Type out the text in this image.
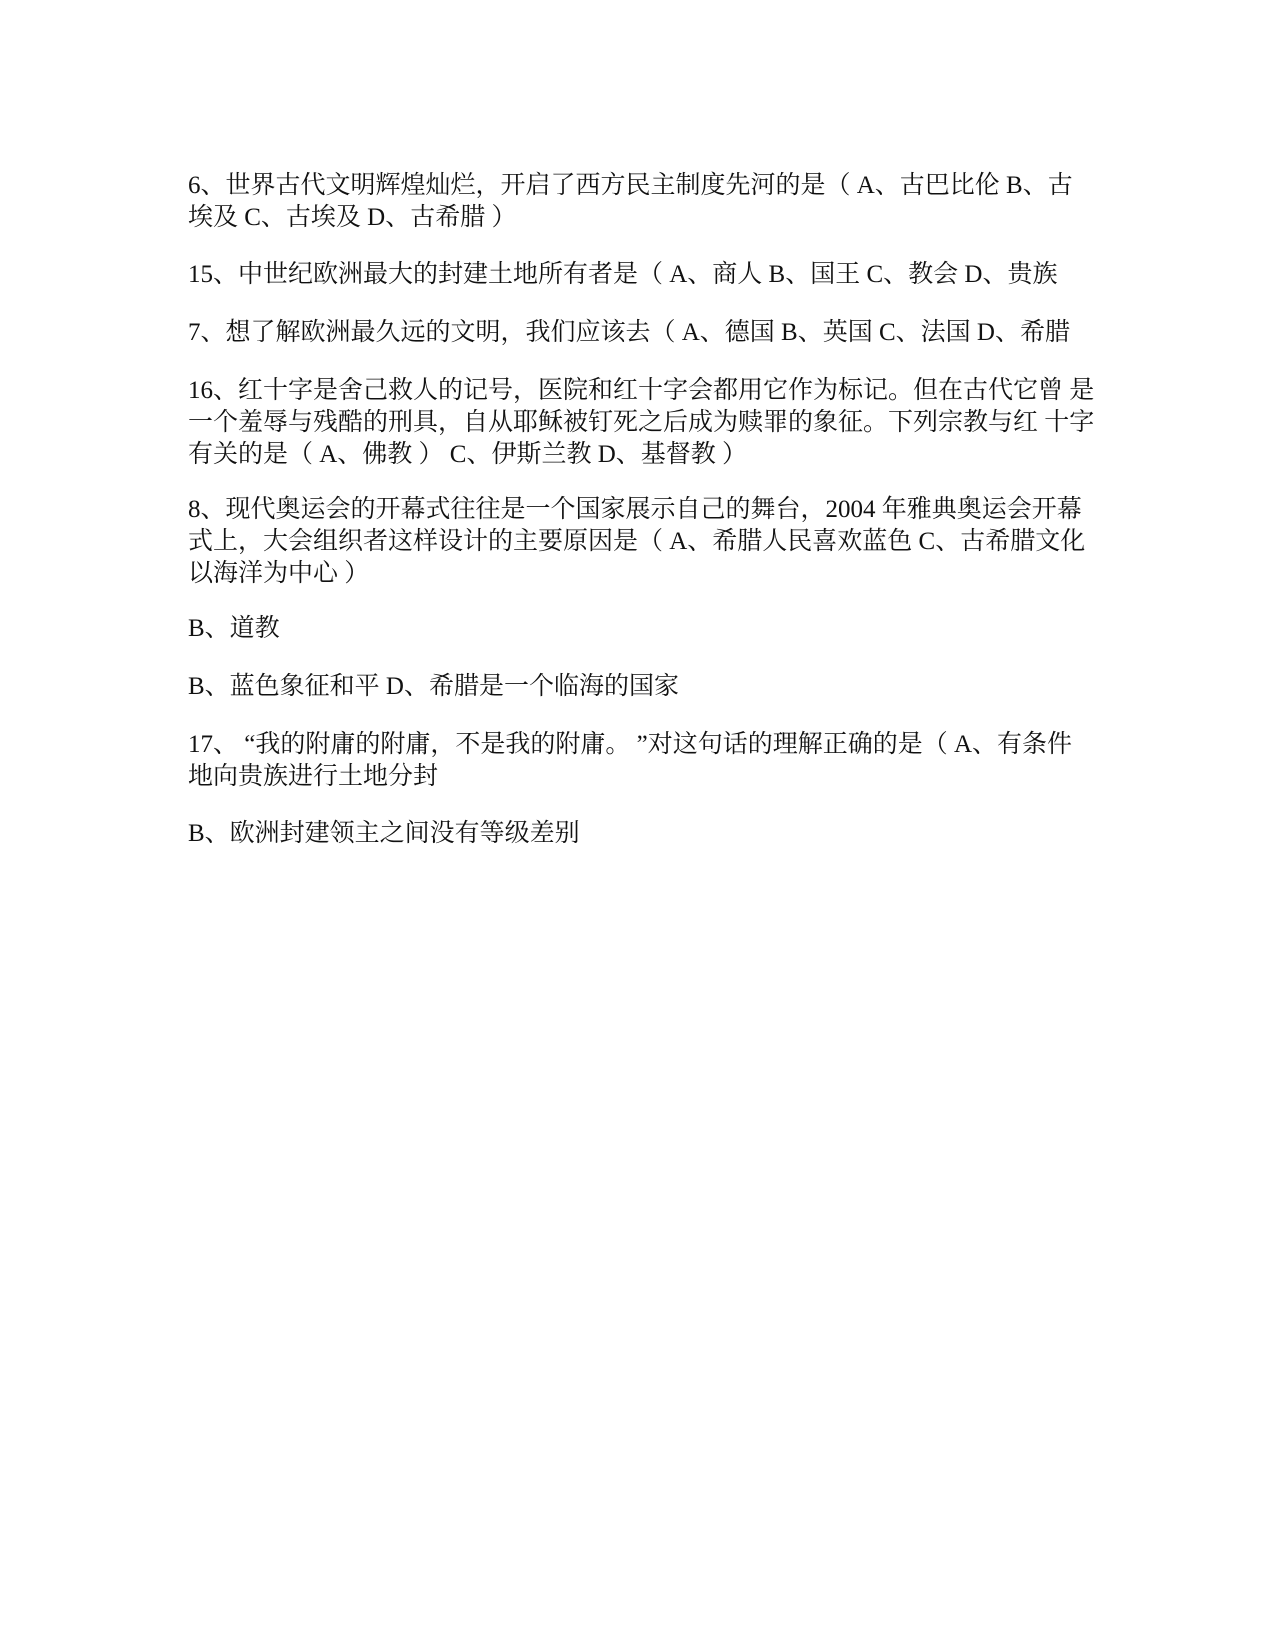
6、世界古代文明辉煌灿烂，开启了西方民主制度先河的是（ A、古巴比伦 B、古
埃及 C、古埃及 D、古希腊 ）
15、中世纪欧洲最大的封建土地所有者是（ A、商人 B、国王 C、教会 D、贵族
7、想了解欧洲最久远的文明，我们应该去（ A、德国 B、英国 C、法国 D、希腊
16、红十字是舍己救人的记号，医院和红十字会都用它作为标记。但在古代它曾 是
一个羞辱与残酷的刑具，自从耶稣被钉死之后成为赎罪的象征。下列宗教与红 十字
有关的是（ A、佛教 ） C、伊斯兰教 D、基督教 ）
8、现代奥运会的开幕式往往是一个国家展示自己的舞台，2004 年雅典奥运会开幕
式上，大会组织者这样设计的主要原因是（ A、希腊人民喜欢蓝色 C、古希腊文化
以海洋为中心 ）
B、道教
B、蓝色象征和平 D、希腊是一个临海的国家
17、 “我的附庸的附庸，不是我的附庸。 ”对这句话的理解正确的是（ A、有条件
地向贵族进行土地分封
B、欧洲封建领主之间没有等级差别
